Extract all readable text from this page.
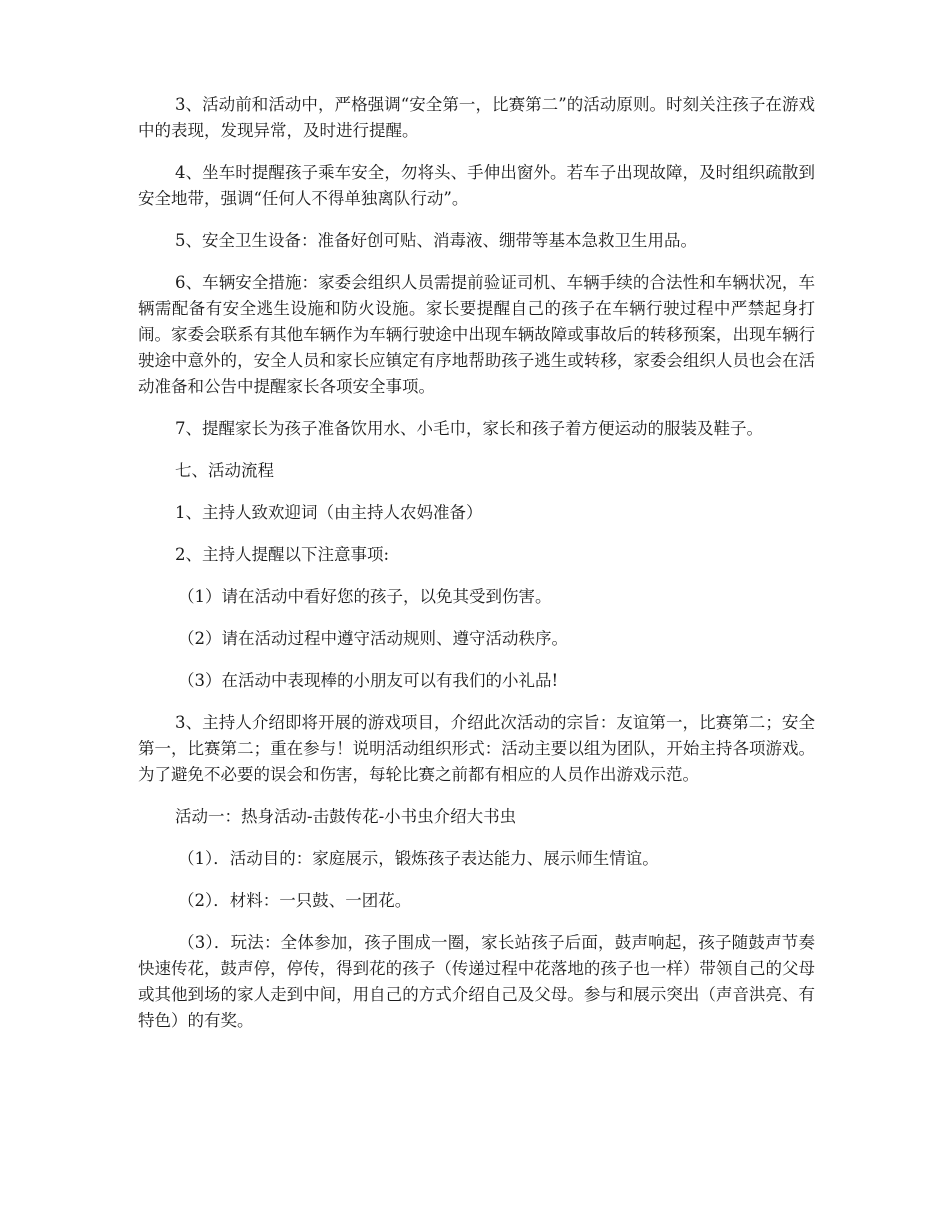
3、活动前和活动中，严格强调“安全第一，比赛第二”的活动原则。时刻关注孩子在游戏中的表现，发现异常，及时进行提醒。

4、坐车时提醒孩子乘车安全，勿将头、手伸出窗外。若车子出现故障，及时组织疏散到安全地带，强调“任何人不得单独离队行动”。

5、安全卫生设备：准备好创可贴、消毒液、绷带等基本急救卫生用品。

6、车辆安全措施：家委会组织人员需提前验证司机、车辆手续的合法性和车辆状况，车辆需配备有安全逃生设施和防火设施。家长要提醒自己的孩子在车辆行驶过程中严禁起身打闹。家委会联系有其他车辆作为车辆行驶途中出现车辆故障或事故后的转移预案，出现车辆行驶途中意外的，安全人员和家长应镇定有序地帮助孩子逃生或转移，家委会组织人员也会在活动准备和公告中提醒家长各项安全事项。

7、提醒家长为孩子准备饮用水、小毛巾，家长和孩子着方便运动的服装及鞋子。

七、活动流程

1、主持人致欢迎词（由主持人农妈准备）

2、主持人提醒以下注意事项:

（1）请在活动中看好您的孩子，以免其受到伤害。

（2）请在活动过程中遵守活动规则、遵守活动秩序。

（3）在活动中表现棒的小朋友可以有我们的小礼品!

3、主持人介绍即将开展的游戏项目，介绍此次活动的宗旨：友谊第一，比赛第二；安全第一，比赛第二；重在参与！说明活动组织形式：活动主要以组为团队，开始主持各项游戏。为了避免不必要的误会和伤害，每轮比赛之前都有相应的人员作出游戏示范。

活动一：热身活动-击鼓传花-小书虫介绍大书虫

（1）．活动目的：家庭展示，锻炼孩子表达能力、展示师生情谊。

（2）．材料：一只鼓、一团花。

（3）．玩法：全体参加，孩子围成一圈，家长站孩子后面，鼓声响起，孩子随鼓声节奏快速传花，鼓声停，停传，得到花的孩子（传递过程中花落地的孩子也一样）带领自己的父母或其他到场的家人走到中间，用自己的方式介绍自己及父母。参与和展示突出（声音洪亮、有特色）的有奖。
